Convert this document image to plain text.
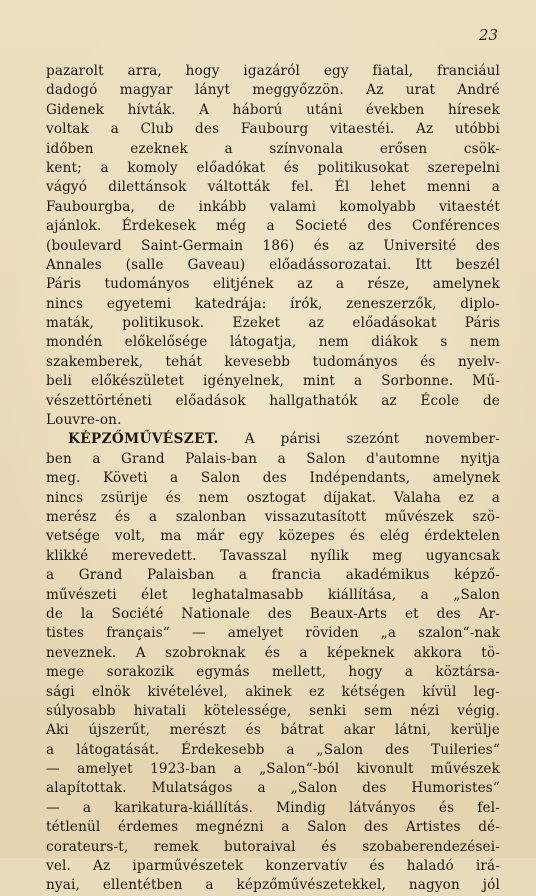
23
pazarolt arra, hogy igazáról egy fiatal, franciául
dadogó magyar lányt meggyőzzön. Az urat André
Gidenek hívták. A háború utáni években híresek
voltak a Club des Faubourg vitaestéi. Az utóbbi
időben ezeknek a színvonala erősen csök-
kent; a komoly előadókat és politikusokat szerepelni
vágyó dilettánsok váltották fel. Él lehet menni a
Faubourgba, de inkább valami komolyabb vitaestét
ajánlok. Érdekesek még a Societé des Conférences
(boulevard Saint-Germain 186) és az Université des
Annales (salle Gaveau) előadássorozatai. Itt beszél
Páris tudományos elitjének az a része, amelynek
nincs egyetemi katedrája: írók, zeneszerzők, diplo-
maták, politikusok. Ezeket az előadásokat Páris
mondén előkelősége látogatja, nem diákok s nem
szakemberek, tehát kevesebb tudományos és nyelv-
beli előkészületet igényelnek, mint a Sorbonne. Mű-
vészettörténeti előadások hallgathatók az École de
Louvre-on.
KÉPZŐMŰVÉSZET. A párisi szezónt november-
ben a Grand Palais-ban a Salon d'automne nyitja
meg. Követi a Salon des Indépendants, amelynek
nincs zsürije és nem osztogat díjakat. Valaha ez a
merész és a szalonban vissazutasított művészek szö-
vetsége volt, ma már egy közepes és elég érdektelen
klikké merevedett. Tavasszal nyílik meg ugyancsak
a Grand Palaisban a francia akadémikus képző-
művészeti élet leghatalmasabb kiállítása, a „Salon
de la Société Nationale des Beaux-Arts et des Ar-
tistes français“ — amelyet röviden „a szalon“-nak
neveznek. A szobroknak és a képeknek akkora tö-
mege sorakozik egymás mellett, hogy a köztársa-
sági elnök kivételével, akinek ez kétségen kívül leg-
súlyosabb hivatali kötelessége, senki sem nézi végig.
Aki újszerűt, merészt és bátrat akar látni, kerülje
a látogatását. Érdekesebb a „Salon des Tuileries“
— amelyet 1923-ban a „Salon“-ból kivonult művészek
alapítottak. Mulatságos a „Salon des Humoristes“
— a karikatura-kiállítás. Mindig látványos és fel-
tétlenül érdemes megnézni a Salon des Artistes dé-
corateurs-t, remek butoraival és szobaberendezései-
vel. Az iparművészetek konzervatív és haladó irá-
nyai, ellentétben a képzőművészetekkel, nagyon jól
